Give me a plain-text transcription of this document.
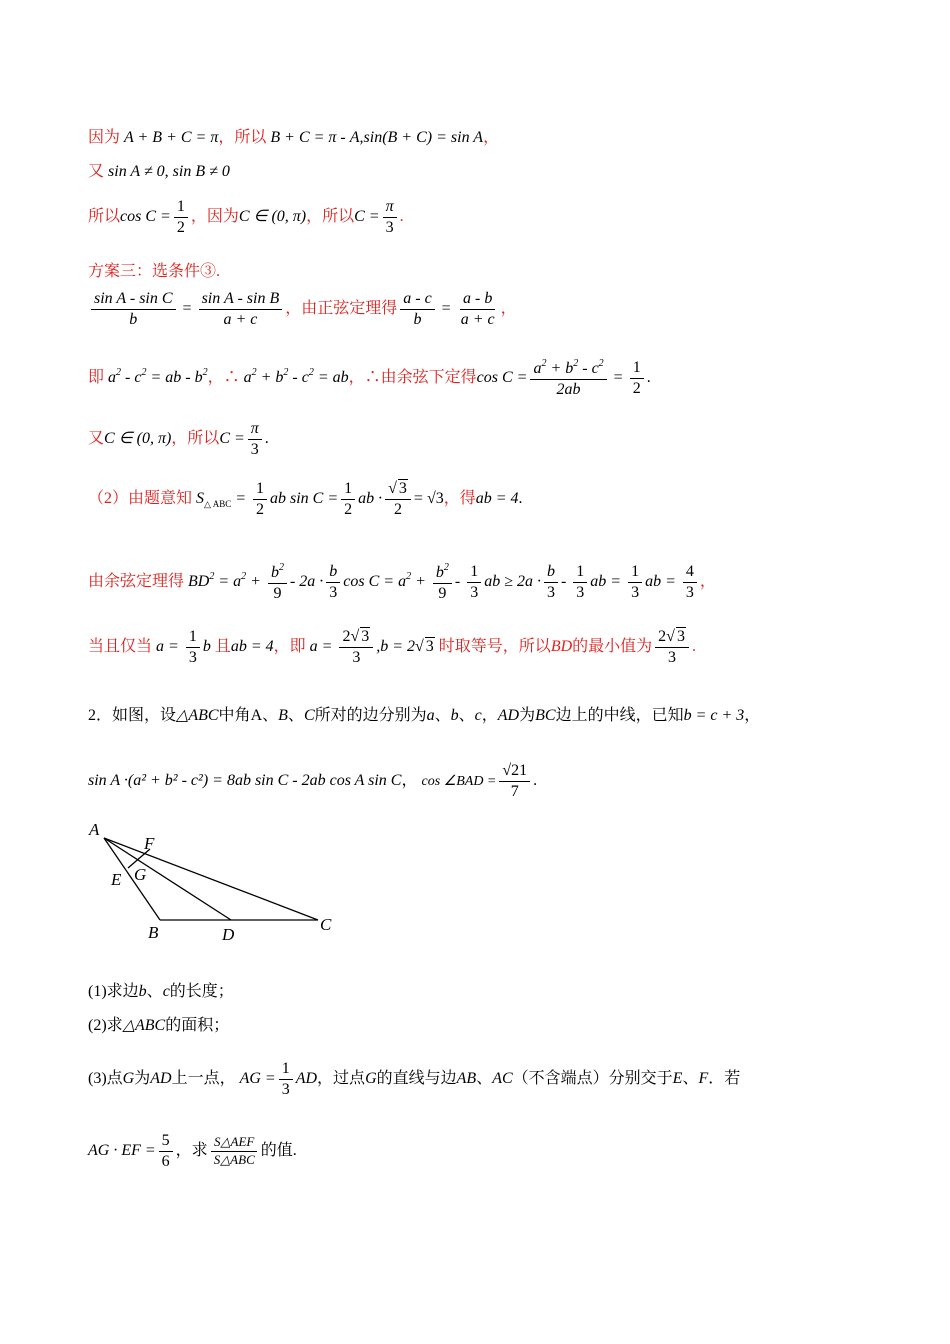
因为 A + B + C = π，所以 B + C = π - A,sin(B + C) = sin A，
又 sin A ≠ 0, sin B ≠ 0
所以$\cos C = \frac{1}{2}$ ，因为C ∈ (0, π)，所以$C = \frac{\pi}{3}$ .
方案三：选条件③.
$\frac{\text{sin A - sin C}}{b} = \frac{\text{sin A - sin B}}{a + c}$ ，由正弦定理得 $\frac{a - c}{b} = \frac{a - b}{a + c}$ ，
即 $a^2 - c^2$ = ab - $b^2$，∴ $a^2 + b^2 - c^2$ = ab，∴由余弦下定得$\cos C = \frac{a^2 + b^2 - c^2}{2ab} = \frac{1}{2}$ .
又C ∈ (0, π)，所以$C = \frac{\pi}{3}$ .
（2）由题意知 $S_{\triangle ABC} = \frac{1}{2}$ ab $\sin C = \frac{1}{2}$ ab · $\frac{√ 3}{2} = √3$，得ab = 4.
由余弦定理得 $BD^2 = a^2 + \frac{b^2}{9} - 2a \cdot \frac{b}{3}$ $\cos C = a^2 + \frac{b^2}{9} - \frac{1}{3}$ ab ≥ $2a \cdot \frac{b}{3} - \frac{1}{3}$ ab = $\frac{1}{3}$ ab = $\frac{4}{3}$ ，
当且仅当 $a = \frac{1}{3}$ b 且ab = 4，即 $a = \frac{2√ 3}{3} ,b = 2√$ 3 时取等号，所以BD的最小值为 $\frac{2√ 3}{3}$ .
2．如图，设△ABC中角A、B、C所对的边分别为a、b、c，AD为BC边上的中线，已知b = c + 3，
sin A ·(a² + b² - c²) = 8ab sin C - 2ab cos A sin C， cos ∠BAD = $\frac{√21}{7}$ .
A
F
G
E
B	D
C
(1)求边b、c的长度；
(2)求△ABC的面积；
(3)点G为AD上一点， AG = $\frac{1}{3}$ AD，过点G的直线与边AB、AC（不含端点）分别交于E、F．若
AG · EF = $\frac{5}{6}$ ，求 $\frac{\text{S△AEF}}{\text{S△ABC}}$ 的值.
